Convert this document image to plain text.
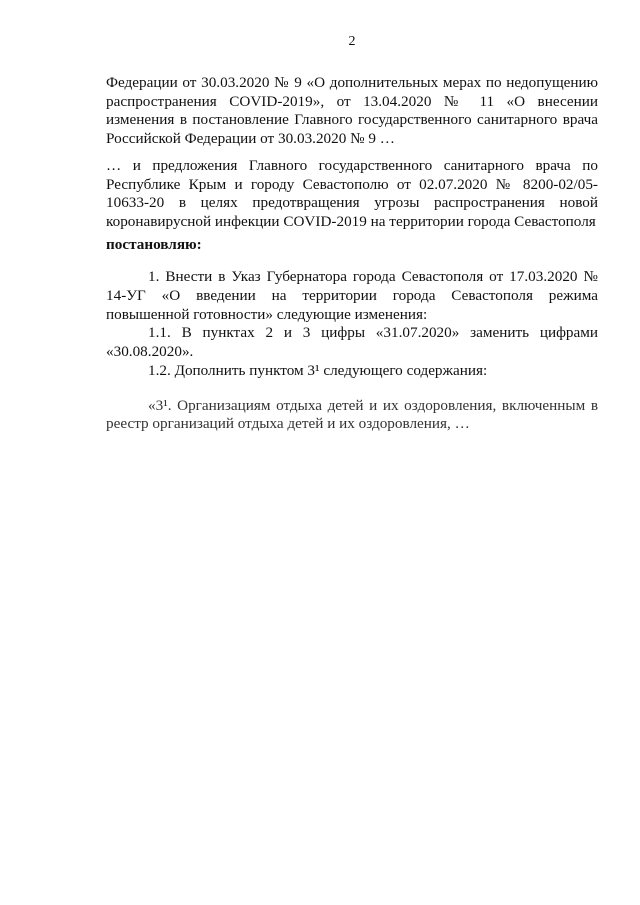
2

Федерации от 30.03.2020 № 9 «О дополнительных мерах по недопущению распространения COVID-2019», от 13.04.2020 № 11 «О внесении изменения в постановление Главного государственного санитарного врача Российской Федерации от 30.03.2020 № 9 …

… и предложения Главного государственного санитарного врача по Республике Крым и городу Севастополю от 02.07.2020 № 8200-02/05-10633-20 в целях предотвращения угрозы распространения новой коронавирусной инфекции COVID-2019 на территории города Севастополя

постановляю:

1. Внести в Указ Губернатора города Севастополя от 17.03.2020 № 14-УГ «О введении на территории города Севастополя режима повышенной готовности» следующие изменения:

1.1. В пунктах 2 и 3 цифры «31.07.2020» заменить цифрами «30.08.2020».

1.2. Дополнить пунктом 3¹ следующего содержания:

«3¹. Организациям отдыха детей и их оздоровления, включенным в реестр организаций отдыха детей и их оздоровления, …
